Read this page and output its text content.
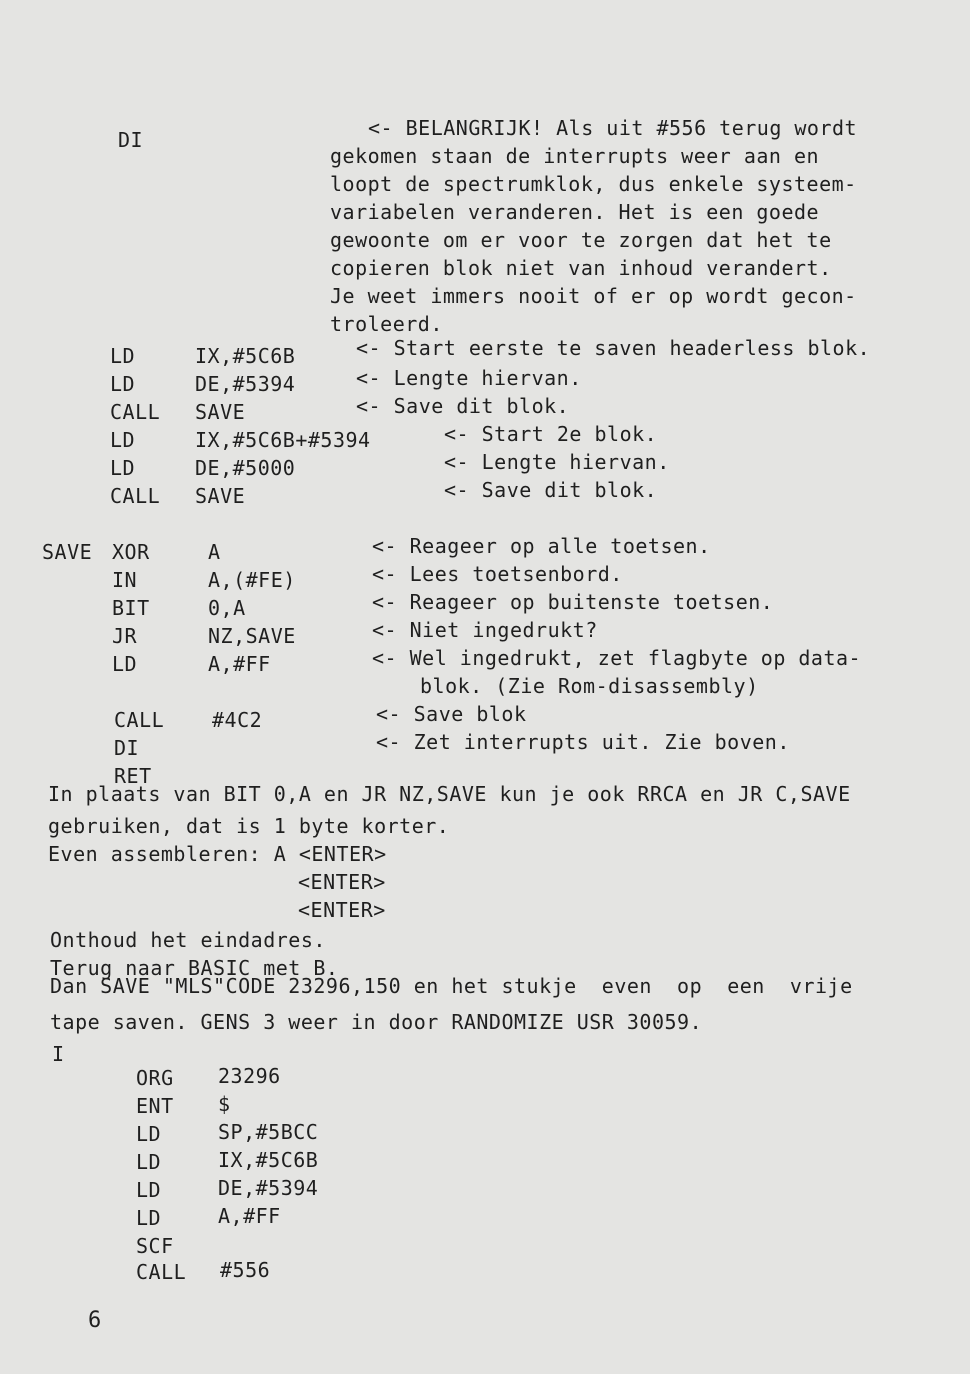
DI	<- BELANGRIJK! Als uit #556 terug wordt
gekomen staan de interrupts weer aan en
loopt de spectrumklok, dus enkele systeem-
variabelen veranderen. Het is een goede
gewoonte om er voor te zorgen dat het te
copieren blok niet van inhoud verandert.
Je weet immers nooit of er op wordt gecon-
troleerd.
LD	IX,#5C6B	<- Start eerste te saven headerless blok.
LD	DE,#5394	<- Lengte hiervan.
CALL SAVE	<- Save dit blok.
LD	IX,#5C6B+#5394	<- Start 2e blok.
LD	DE,#5000	<- Lengte hiervan.
CALL SAVE	<- Save dit blok.
SAVE XOR	A	<- Reageer op alle toetsen.
IN	A,(#FE)	<- Lees toetsenbord.
BIT	0,A	<- Reageer op buitenste toetsen.
JR	NZ,SAVE	<- Niet ingedrukt?
LD	A,#FF	<- Wel ingedrukt, zet flagbyte op data-
blok. (Zie Rom-disassembly)
CALL #4C2	<- Save blok
DI	<- Zet interrupts uit. Zie boven.
RET
In plaats van BIT 0,A en JR NZ,SAVE kun je ook RRCA en JR C,SAVE
gebruiken, dat is 1 byte korter.
Even assembleren: A <ENTER>
<ENTER>
<ENTER>
Onthoud het eindadres.
Terug naar BASIC met B.
Dan SAVE "MLS"CODE 23296,150 en het stukje  even  op  een  vrije
tape saven. GENS 3 weer in door RANDOMIZE USR 30059.
I
ORG 23296
ENT $
LD	SP,#5BCC
LD	IX,#5C6B
LD	DE,#5394
LD	A,#FF
SCF
CALL #556
6
